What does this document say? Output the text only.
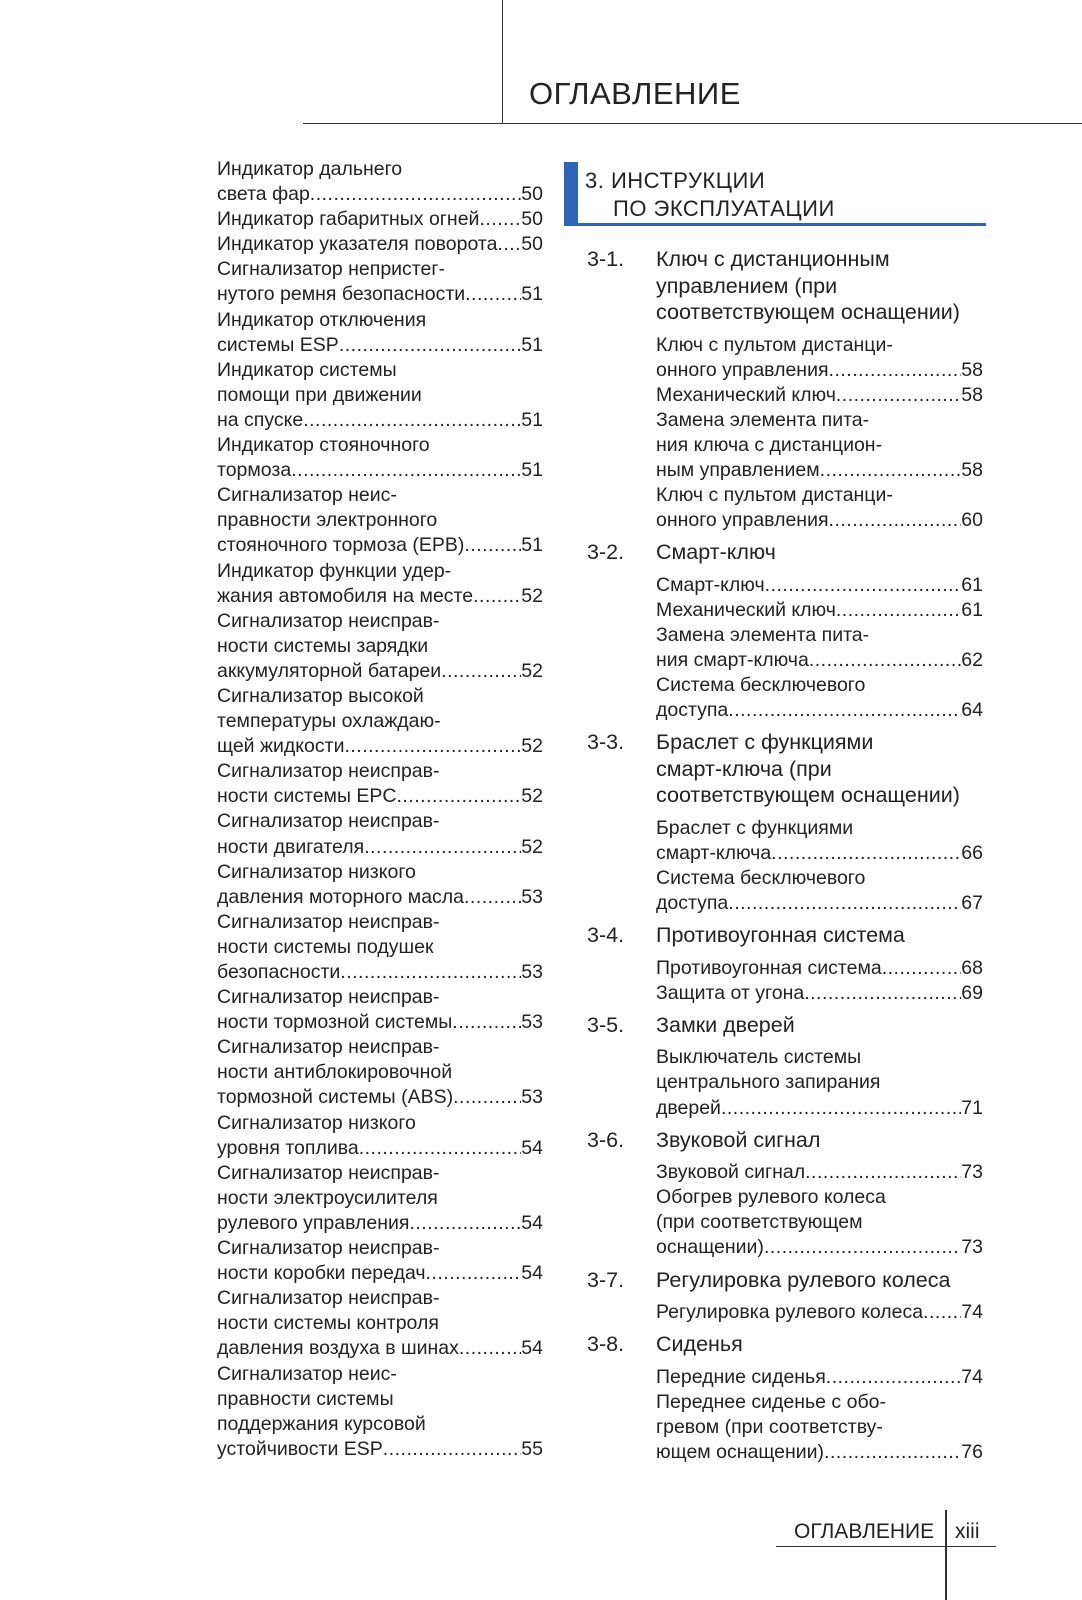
ОГЛАВЛЕНИЕ
Индикатор дальнего
света фар .....	50
Индикатор габаритных огней ..... 50
Индикатор указателя поворота ..... 50
Сигнализатор непристег-
нутого ремня безопасности .....	51
Индикатор отключения
системы ESP .....	51
Индикатор системы
помощи при движении
на спуске .....	51
Индикатор стояночного
тормоза .....	51
Сигнализатор неис-
правности электронного
стояночного тормоза (EPB) .....	51
Индикатор функции удер-
жания автомобиля на месте ..... 52
Сигнализатор неисправ-
ности системы зарядки
аккумуляторной батареи .....	52
Сигнализатор высокой
температуры охлаждаю-
щей жидкости .....	52
Сигнализатор неисправ-
ности системы EPC .....	52
Сигнализатор неисправ-
ности двигателя .....	52
Сигнализатор низкого
давления моторного масла .....	53
Сигнализатор неисправ-
ности системы подушек
безопасности .....	53
Сигнализатор неисправ-
ности тормозной системы .....	53
Сигнализатор неисправ-
ности антиблокировочной
тормозной системы (ABS) .....	53
Сигнализатор низкого
уровня топлива .....	54
Сигнализатор неисправ-
ности электроусилителя
рулевого управления .....	54
Сигнализатор неисправ-
ности коробки передач .....	54
Сигнализатор неисправ-
ности системы контроля
давления воздуха в шинах .....	54
Сигнализатор неис-
правности системы
поддержания курсовой
устойчивости ESP .....	55
3. ИНСТРУКЦИИ
ПО ЭКСПЛУАТАЦИИ
3-1.	Ключ с дистанционным
управлением (при
соответствующем оснащении)
Ключ с пультом дистанци-
онного управления .....	58
Механический ключ .....	58
Замена элемента пита-
ния ключа с дистанцион-
ным управлением .....	58
Ключ с пультом дистанци-
онного управления .....	60
3-2.	Смарт-ключ
Смарт-ключ .....	61
Механический ключ .....	61
Замена элемента пита-
ния смарт-ключа .....	62
Система бесключевого
доступа .....	64
3-3.	Браслет с функциями
смарт-ключа (при
соответствующем оснащении)
Браслет с функциями
смарт-ключа .....	66
Система бесключевого
доступа .....	67
3-4.	Противоугонная система
Противоугонная система .....	68
Защита от угона .....	69
3-5.	Замки дверей
Выключатель системы
центрального запирания
дверей .....	71
3-6.	Звуковой сигнал
Звуковой сигнал .....	73
Обогрев рулевого колеса
(при соответствующем
оснащении) .....	73
3-7.	Регулировка рулевого колеса
Регулировка рулевого колеса ..... 74
3-8.	Сиденья
Передние сиденья .....	74
Переднее сиденье с обо-
гревом (при соответству-
ющем оснащении) .....	76
ОГЛАВЛЕНИЕ xiii
